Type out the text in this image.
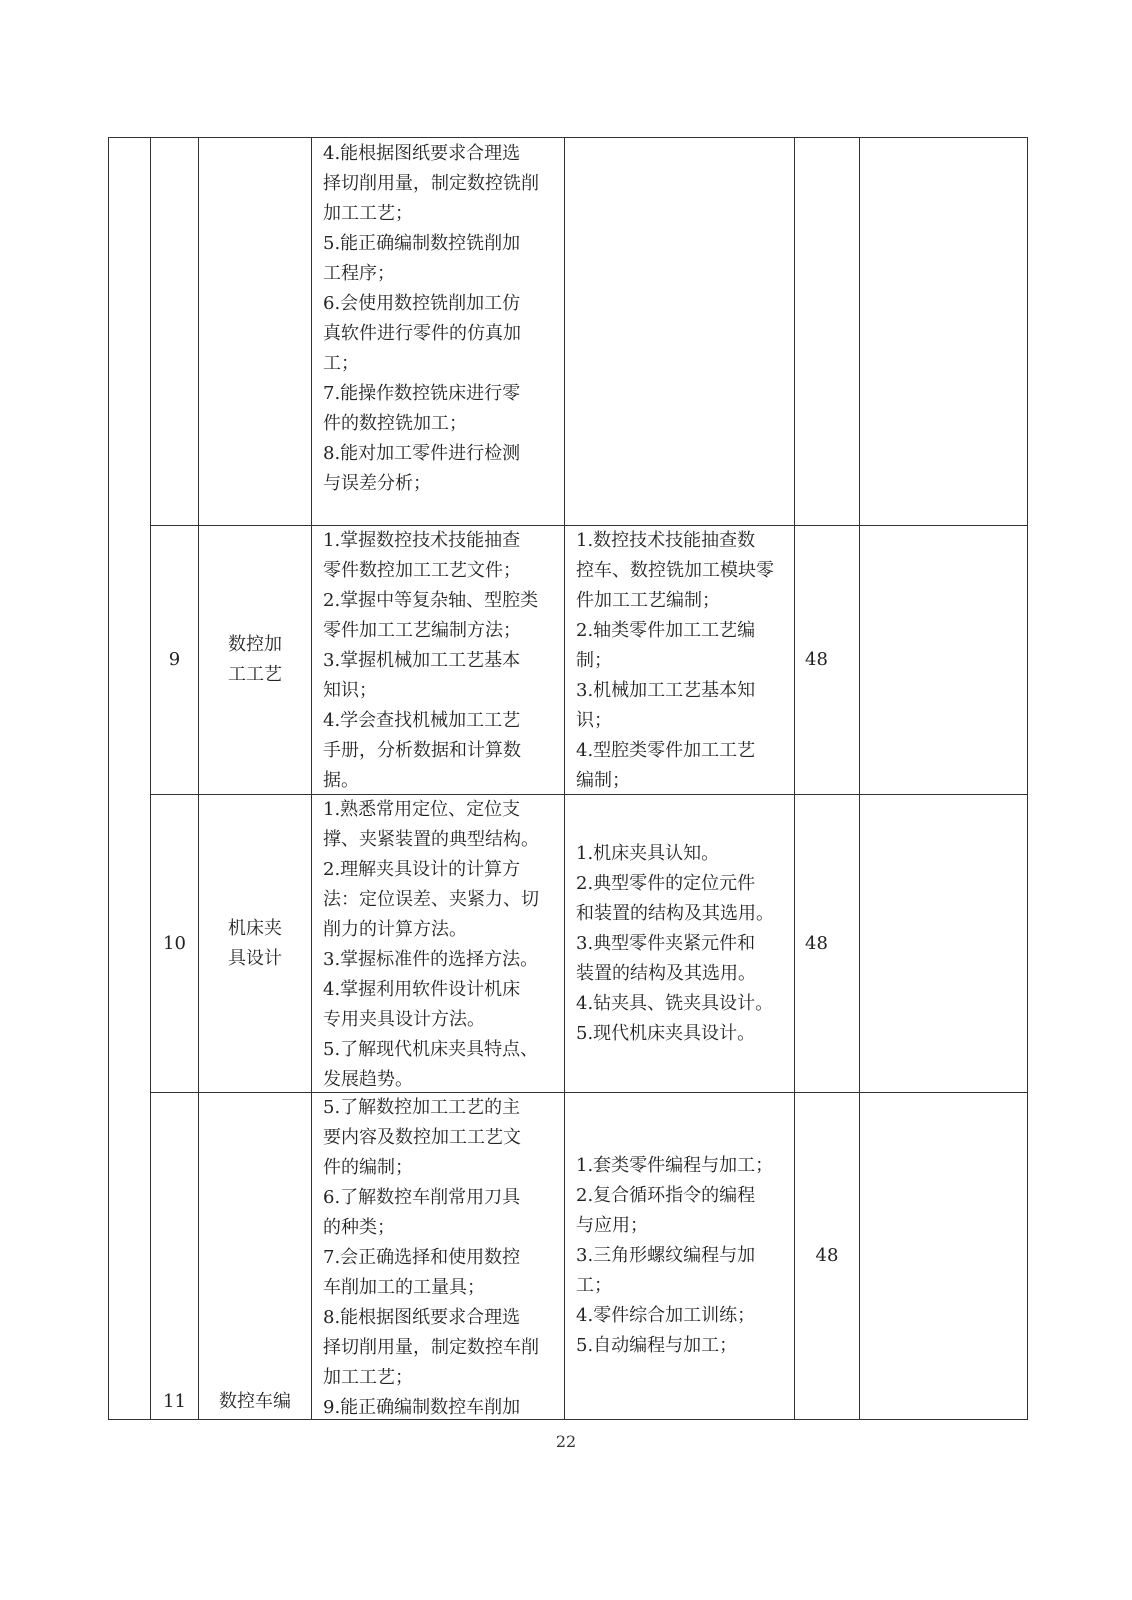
4.能根据图纸要求合理选

择切削用量，制定数控铣削

加工工艺；

5.能正确编制数控铣削加

工程序；

6.会使用数控铣削加工仿

真软件进行零件的仿真加

工；

7.能操作数控铣床进行零

件的数控铣加工；

8.能对加工零件进行检测

与误差分析；

9

数控加

工工艺

1.掌握数控技术技能抽查

零件数控加工工艺文件；

2.掌握中等复杂轴、型腔类

零件加工工艺编制方法；

3.掌握机械加工工艺基本

知识；

4.学会查找机械加工工艺

手册，分析数据和计算数

据。

1.数控技术技能抽查数

控车、数控铣加工模块零

件加工工艺编制；

2.轴类零件加工工艺编

制；

3.机械加工工艺基本知

识；

4.型腔类零件加工工艺

编制；

48
10

机床夹

具设计

1.熟悉常用定位、定位支

撑、夹紧装置的典型结构。

2.理解夹具设计的计算方

法：定位误差、夹紧力、切

削力的计算方法。

3.掌握标准件的选择方法。

4.掌握利用软件设计机床

专用夹具设计方法。

5.了解现代机床夹具特点、

发展趋势。

1.机床夹具认知。

2.典型零件的定位元件

和装置的结构及其选用。

3.典型零件夹紧元件和

装置的结构及其选用。

4.钻夹具、铣夹具设计。

5.现代机床夹具设计。

48
11 数控车编

5.了解数控加工工艺的主

要内容及数控加工工艺文

件的编制；

6.了解数控车削常用刀具

的种类；

7.会正确选择和使用数控

车削加工的工量具；

8.能根据图纸要求合理选

择切削用量，制定数控车削

加工工艺；

9.能正确编制数控车削加

1.套类零件编程与加工；

2.复合循环指令的编程

与应用；

3.三角形螺纹编程与加

工；

4.零件综合加工训练；

5.自动编程与加工；

48
22
